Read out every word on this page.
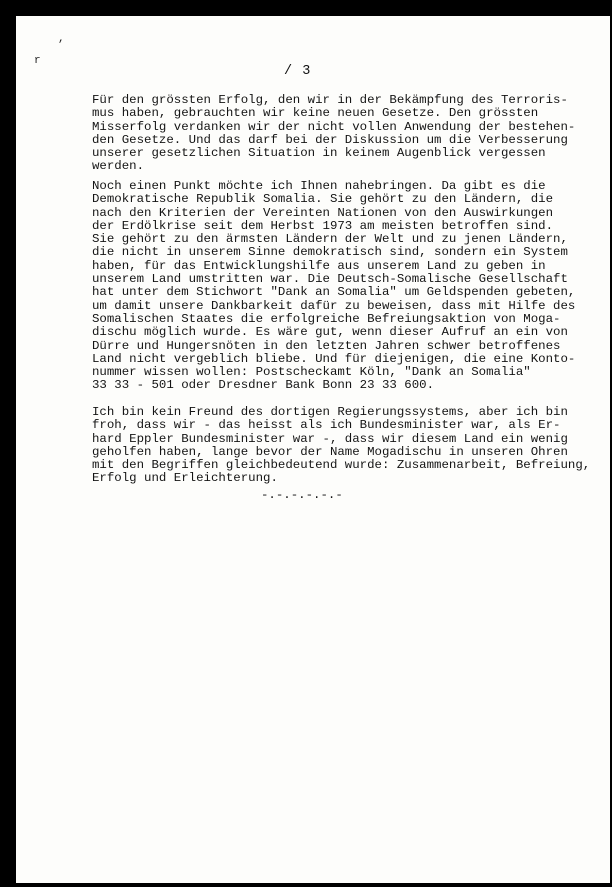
,
r
/ 3

Für den grössten Erfolg, den wir in der Bekämpfung des Terroris-
mus haben, gebrauchten wir keine neuen Gesetze. Den grössten
Misserfolg verdanken wir der nicht vollen Anwendung der bestehen-
den Gesetze. Und das darf bei der Diskussion um die Verbesserung
unserer gesetzlichen Situation in keinem Augenblick vergessen
werden.

Noch einen Punkt möchte ich Ihnen nahebringen. Da gibt es die
Demokratische Republik Somalia. Sie gehört zu den Ländern, die
nach den Kriterien der Vereinten Nationen von den Auswirkungen
der Erdölkrise seit dem Herbst 1973 am meisten betroffen sind.
Sie gehört zu den ärmsten Ländern der Welt und zu jenen Ländern,
die nicht in unserem Sinne demokratisch sind, sondern ein System
haben, für das Entwicklungshilfe aus unserem Land zu geben in
unserem Land umstritten war. Die Deutsch-Somalische Gesellschaft
hat unter dem Stichwort "Dank an Somalia" um Geldspenden gebeten,
um damit unsere Dankbarkeit dafür zu beweisen, dass mit Hilfe des
Somalischen Staates die erfolgreiche Befreiungsaktion von Moga-
dischu möglich wurde. Es wäre gut, wenn dieser Aufruf an ein von
Dürre und Hungersnöten in den letzten Jahren schwer betroffenes
Land nicht vergeblich bliebe. Und für diejenigen, die eine Konto-
nummer wissen wollen: Postscheckamt Köln, "Dank an Somalia"
33 33 - 501 oder Dresdner Bank Bonn 23 33 600.

Ich bin kein Freund des dortigen Regierungssystems, aber ich bin
froh, dass wir - das heisst als ich Bundesminister war, als Er-
hard Eppler Bundesminister war -, dass wir diesem Land ein wenig
geholfen haben, lange bevor der Name Mogadischu in unseren Ohren
mit den Begriffen gleichbedeutend wurde: Zusammenarbeit, Befreiung,
Erfolg und Erleichterung.

-.-.-.-.-.-
